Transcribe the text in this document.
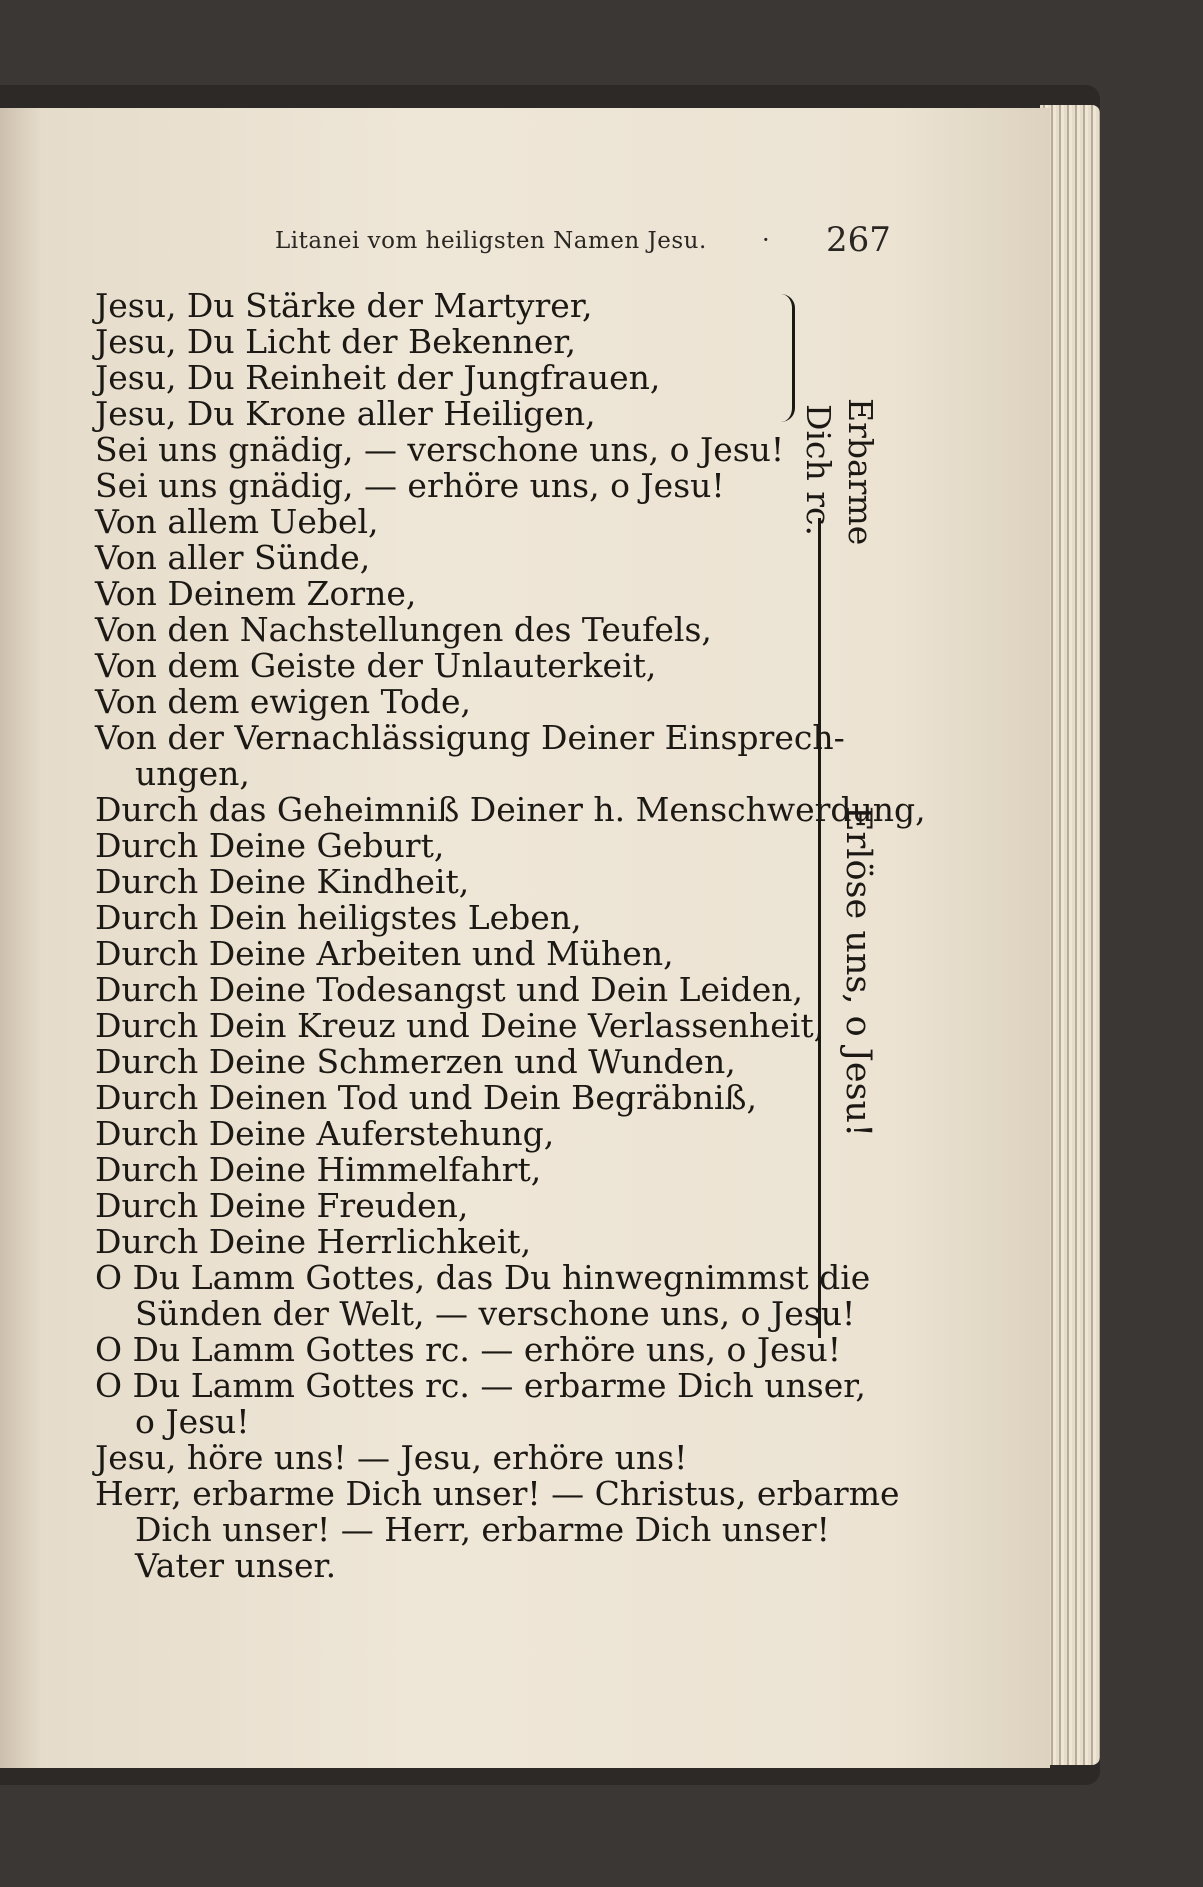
Litanei vom heiligsten Namen Jesu. · 267
Jesu, Du Stärke der Martyrer,
Jesu, Du Licht der Bekenner,
Jesu, Du Reinheit der Jungfrauen,
Jesu, Du Krone aller Heiligen,
Sei uns gnädig, — verschone uns, o Jesu!
Sei uns gnädig, — erhöre uns, o Jesu!
Von allem Uebel,
Von aller Sünde,
Von Deinem Zorne,
Von den Nachstellungen des Teufels,
Von dem Geiste der Unlauterkeit,
Von dem ewigen Tode,
Von der Vernachlässigung Deiner Einsprech-
ungen,
Durch das Geheimniß Deiner h. Menschwerdung,
Durch Deine Geburt,
Durch Deine Kindheit,
Durch Dein heiligstes Leben,
Durch Deine Arbeiten und Mühen,
Durch Deine Todesangst und Dein Leiden,
Durch Dein Kreuz und Deine Verlassenheit,
Durch Deine Schmerzen und Wunden,
Durch Deinen Tod und Dein Begräbniß,
Durch Deine Auferstehung,
Durch Deine Himmelfahrt,
Durch Deine Freuden,
Durch Deine Herrlichkeit,
O Du Lamm Gottes, das Du hinwegnimmst die
Sünden der Welt, — verschone uns, o Jesu!
O Du Lamm Gottes rc. — erhöre uns, o Jesu!
O Du Lamm Gottes rc. — erbarme Dich unser,
o Jesu!
Jesu, höre uns! — Jesu, erhöre uns!
Herr, erbarme Dich unser! — Christus, erbarme
Dich unser! — Herr, erbarme Dich unser!
Vater unser.
Erbarme
Dich rc.
Erlöse uns, o Jesu!
